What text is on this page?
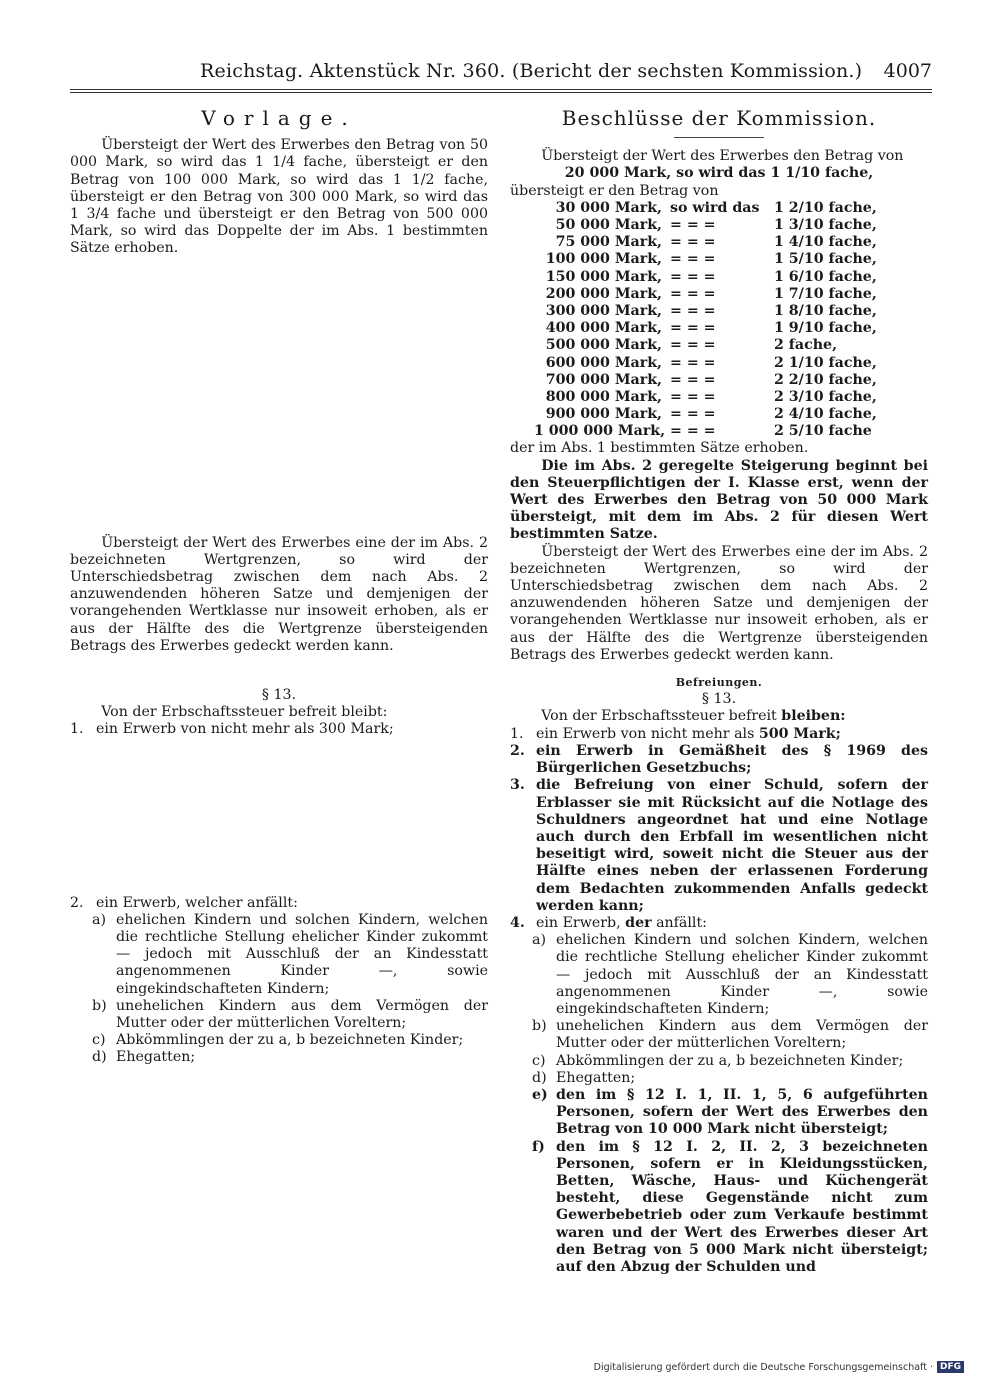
Reichstag. Aktenstück Nr. 360. (Bericht der sechsten Kommission.) 4007
Vorlage.

Übersteigt der Wert des Erwerbes den Betrag von 50 000 Mark, so wird das 1 1/4 fache, übersteigt er den Betrag von 100 000 Mark, so wird das 1 1/2 fache, übersteigt er den Betrag von 300 000 Mark, so wird das 1 3/4 fache und übersteigt er den Betrag von 500 000 Mark, so wird das Doppelte der im Abs. 1 bestimmten Sätze erhoben.

Übersteigt der Wert des Erwerbes eine der im Abs. 2 bezeichneten Wertgrenzen, so wird der Unterschiedsbetrag zwischen dem nach Abs. 2 anzuwendenden höheren Satze und demjenigen der vorangehenden Wertklasse nur insoweit erhoben, als er aus der Hälfte des die Wertgrenze übersteigenden Betrags des Erwerbes gedeckt werden kann.

§ 13.

Von der Erbschaftssteuer befreit bleibt:

1. ein Erwerb von nicht mehr als 300 Mark;
2. ein Erwerb, welcher anfällt:
a) ehelichen Kindern und solchen Kindern, welchen die rechtliche Stellung ehelicher Kinder zukommt — jedoch mit Ausschluß der an Kindesstatt angenommenen Kinder —, sowie eingekindschafteten Kindern;
b) unehelichen Kindern aus dem Vermögen der Mutter oder der mütterlichen Voreltern;
c) Abkömmlingen der zu a, b bezeichneten Kinder;
d) Ehegatten;
Beschlüsse der Kommission.

Übersteigt der Wert des Erwerbes den Betrag von

20 000 Mark, so wird das 1 1/10 fache,

übersteigt er den Betrag von

30 000 Mark, so wird das	1 2/10 fache,
50 000 Mark, = = =	1 3/10 fache,
75 000 Mark, = = =	1 4/10 fache,
100 000 Mark, = = =	1 5/10 fache,
150 000 Mark, = = =	1 6/10 fache,
200 000 Mark, = = =	1 7/10 fache,
300 000 Mark, = = =	1 8/10 fache,
400 000 Mark, = = =	1 9/10 fache,
500 000 Mark, = = =	2 fache,
600 000 Mark, = = =	2 1/10 fache,
700 000 Mark, = = =	2 2/10 fache,
800 000 Mark, = = =	2 3/10 fache,
900 000 Mark, = = =	2 4/10 fache,
1 000 000 Mark, = = =	2 5/10 fache

der im Abs. 1 bestimmten Sätze erhoben.

Die im Abs. 2 geregelte Steigerung beginnt bei den Steuerpflichtigen der I. Klasse erst, wenn der Wert des Erwerbes den Betrag von 50 000 Mark übersteigt, mit dem im Abs. 2 für diesen Wert bestimmten Satze.

Übersteigt der Wert des Erwerbes eine der im Abs. 2 bezeichneten Wertgrenzen, so wird der Unterschiedsbetrag zwischen dem nach Abs. 2 anzuwendenden höheren Satze und demjenigen der vorangehenden Wertklasse nur insoweit erhoben, als er aus der Hälfte des die Wertgrenze übersteigenden Betrags des Erwerbes gedeckt werden kann.

Befreiungen.

§ 13.

Von der Erbschaftssteuer befreit bleiben:

1. ein Erwerb von nicht mehr als 500 Mark;
2. ein Erwerb in Gemäßheit des § 1969 des Bürgerlichen Gesetzbuchs;
3. die Befreiung von einer Schuld, sofern der Erblasser sie mit Rücksicht auf die Notlage des Schuldners angeordnet hat und eine Notlage auch durch den Erbfall im wesentlichen nicht beseitigt wird, soweit nicht die Steuer aus der Hälfte eines neben der erlassenen Forderung dem Bedachten zukommenden Anfalls gedeckt werden kann;
4. ein Erwerb, der anfällt:
a) ehelichen Kindern und solchen Kindern, welchen die rechtliche Stellung ehelicher Kinder zukommt — jedoch mit Ausschluß der an Kindesstatt angenommenen Kinder —, sowie eingekindschafteten Kindern;
b) unehelichen Kindern aus dem Vermögen der Mutter oder der mütterlichen Voreltern;
c) Abkömmlingen der zu a, b bezeichneten Kinder;
d) Ehegatten;
e) den im § 12 I. 1, II. 1, 5, 6 aufgeführten Personen, sofern der Wert des Erwerbes den Betrag von 10 000 Mark nicht übersteigt;
f) den im § 12 I. 2, II. 2, 3 bezeichneten Personen, sofern er in Kleidungsstücken, Betten, Wäsche, Haus- und Küchengerät besteht, diese Gegenstände nicht zum Gewerbebetrieb oder zum Verkaufe bestimmt waren und der Wert des Erwerbes dieser Art den Betrag von 5 000 Mark nicht übersteigt; auf den Abzug der Schulden und
Digitalisierung gefördert durch die Deutsche Forschungsgemeinschaft · DFG
